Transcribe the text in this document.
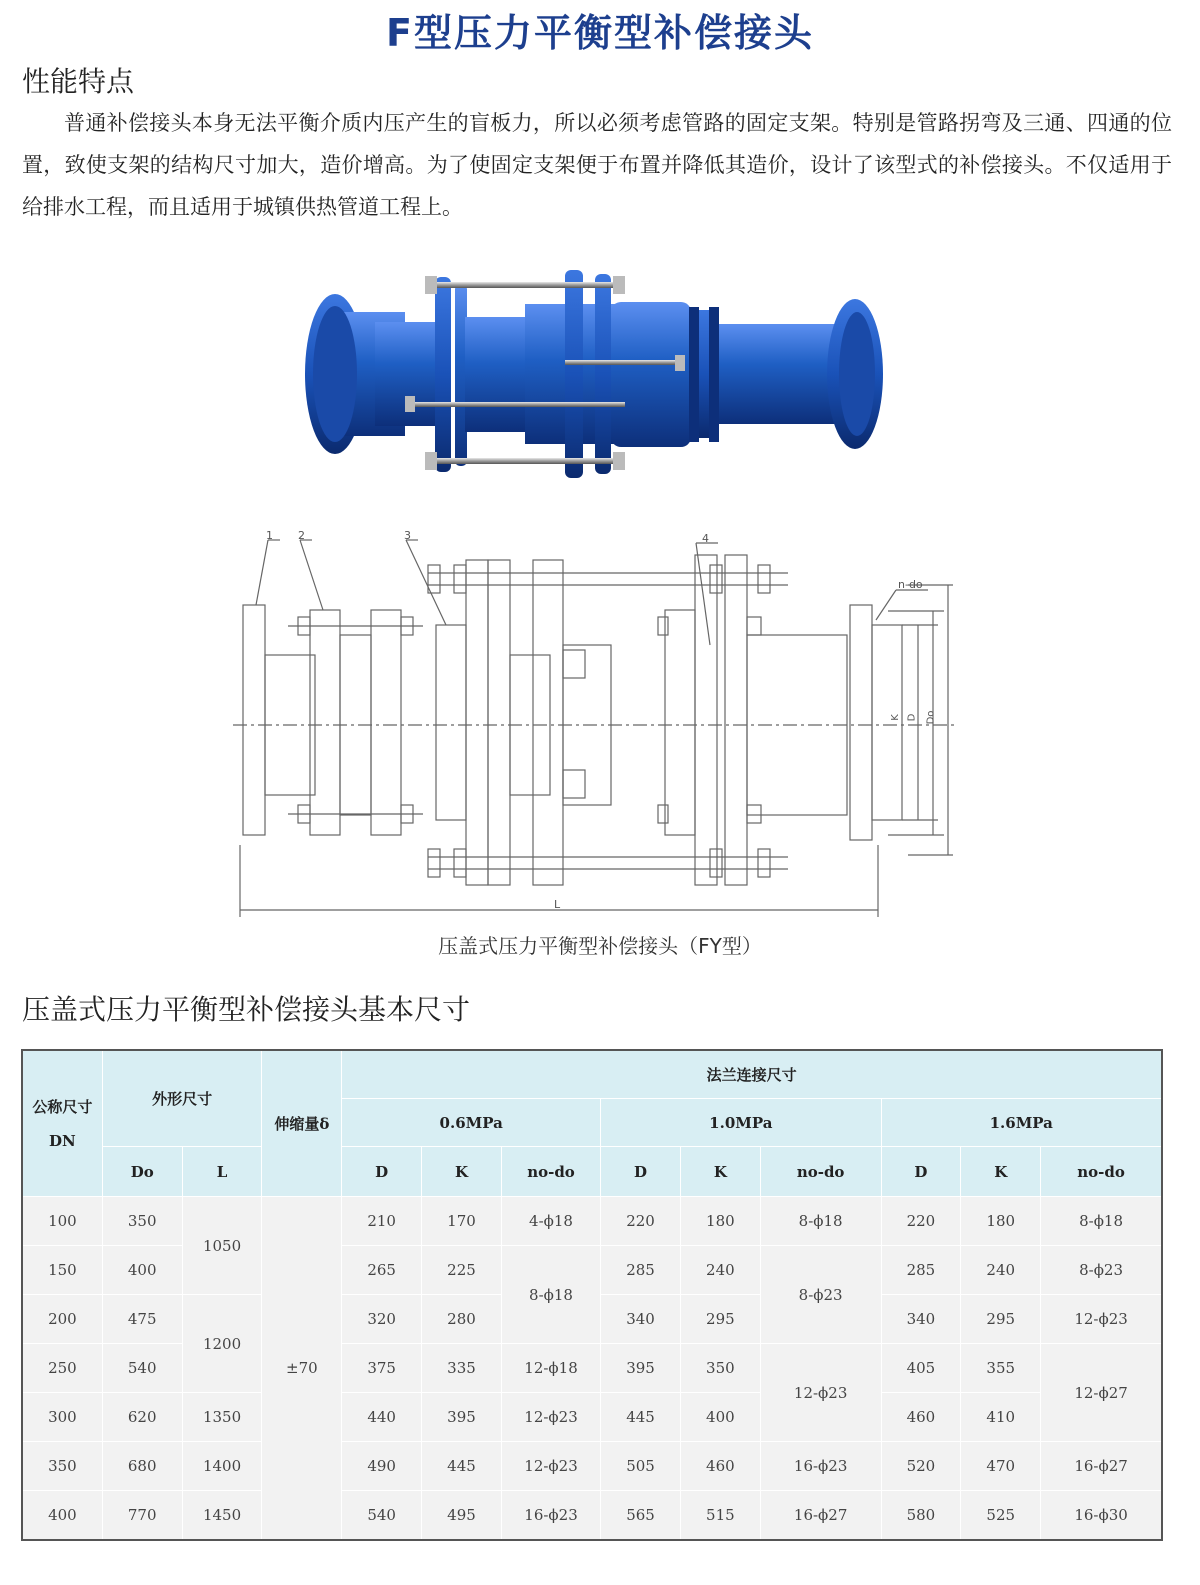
F型压力平衡型补偿接头
性能特点
普通补偿接头本身无法平衡介质内压产生的盲板力，所以必须考虑管路的固定支架。特别是管路拐弯及三通、四通的位置，致使支架的结构尺寸加大，造价增高。为了使固定支架便于布置并降低其造价，设计了该型式的补偿接头。不仅适用于给排水工程，而且适用于城镇供热管道工程上。
1 2	3	4
n-do
K D Do
L
压盖式压力平衡型补偿接头（FY型）
压盖式压力平衡型补偿接头基本尺寸
公称尺寸DN	外形尺寸		伸缩量δ	法兰连接尺寸								
				0.6MPa			1.0MPa			1.6MPa		
	Do	L		D	K	no-do	D	K	no-do	D	K	no-do
100	350	1050	±70	210	170	4-ϕ18	220	180	8-ϕ18	220	180	8-ϕ18
150	400			265	225	8-ϕ18	285	240	8-ϕ23	285	240	8-ϕ23
200	475	1200		320	280		340	295		340	295	12-ϕ23
250	540			375	335	12-ϕ18	395	350	12-ϕ23	405	355	12-ϕ27
300	620	1350		440	395	12-ϕ23	445	400		460	410	
350	680	1400		490	445	12-ϕ23	505	460	16-ϕ23	520	470	16-ϕ27
400	770	1450		540	495	16-ϕ23	565	515	16-ϕ27	580	525	16-ϕ30
